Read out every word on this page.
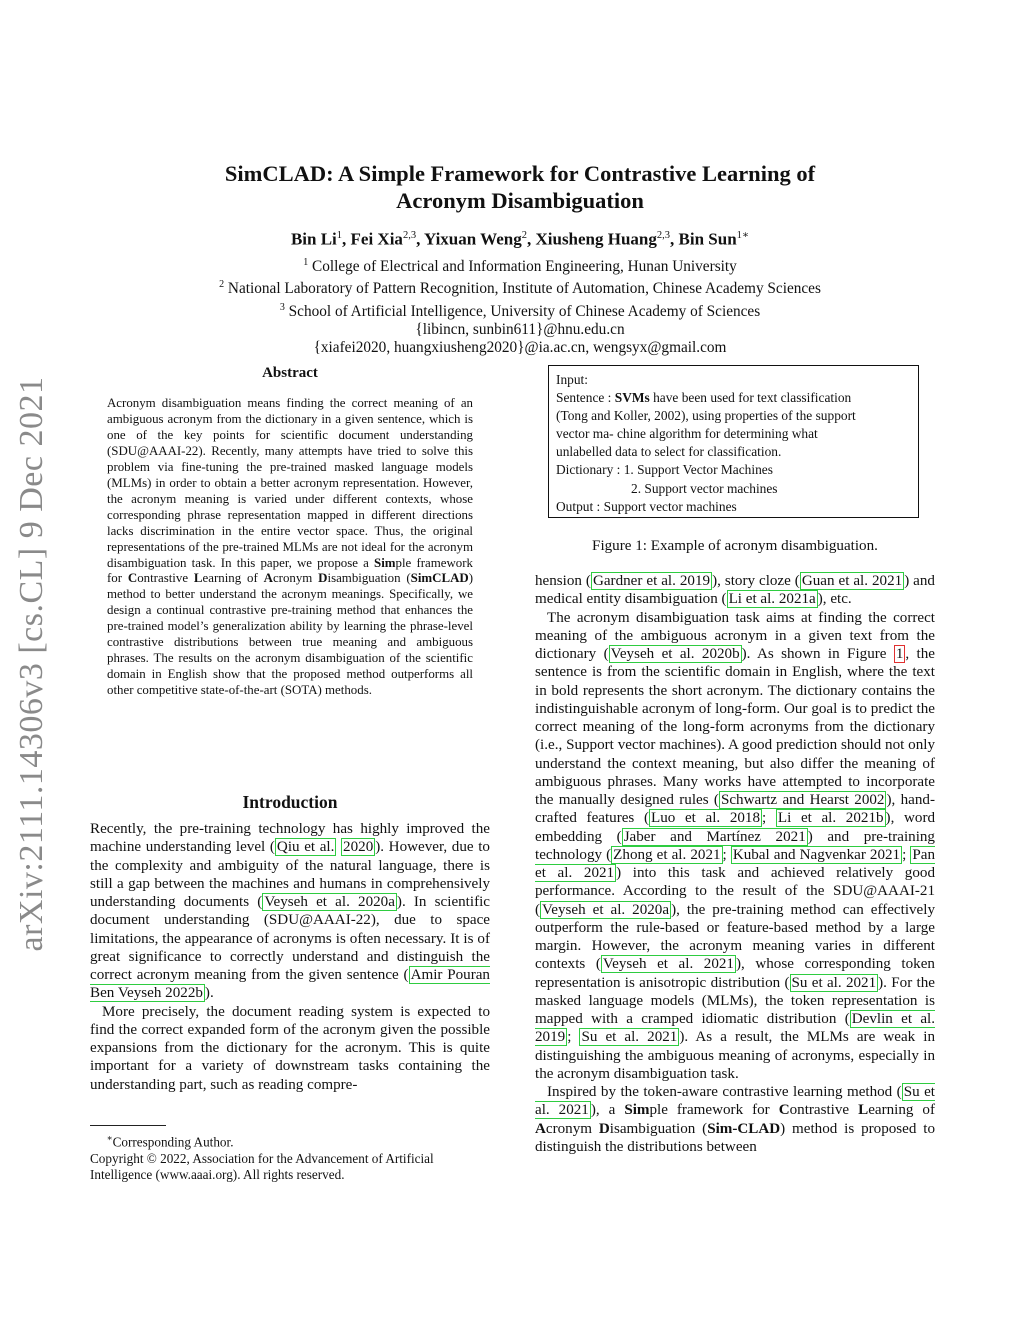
arXiv:2111.14306v3 [cs.CL] 9 Dec 2021
SimCLAD: A Simple Framework for Contrastive Learning of
Acronym Disambiguation
Bin Li$^1$, Fei Xia$^{2,3}$, Yixuan Weng$^2$, Xiusheng Huang$^{2,3}$, Bin Sun$^{1∗}$
$^1$ College of Electrical and Information Engineering, Hunan University
$^2$ National Laboratory of Pattern Recognition, Institute of Automation, Chinese Academy Sciences
$^3$ School of Artificial Intelligence, University of Chinese Academy of Sciences
{libincn, sunbin611}@hnu.edu.cn
{xiafei2020, huangxiusheng2020}@ia.ac.cn, wengsyx@gmail.com
Abstract
Acronym disambiguation means finding the correct meaning of an ambiguous acronym from the dictionary in a given sentence, which is one of the key points for scientific document understanding (SDU@AAAI-22). Recently, many attempts have tried to solve this problem via fine-tuning the pre-trained masked language models (MLMs) in order to obtain a better acronym representation. However, the acronym meaning is varied under different contexts, whose corresponding phrase representation mapped in different directions lacks discrimination in the entire vector space. Thus, the original representations of the pre-trained MLMs are not ideal for the acronym disambiguation task. In this paper, we propose a Simple framework for Contrastive Learning of Acronym Disambiguation (SimCLAD) method to better understand the acronym meanings. Specifically, we design a continual contrastive pre-training method that enhances the pre-trained model’s generalization ability by learning the phrase-level contrastive distributions between true meaning and ambiguous phrases. The results on the acronym disambiguation of the scientific domain in English show that the proposed method outperforms all other competitive state-of-the-art (SOTA) methods.
Introduction

Recently, the pre-training technology has highly improved the machine understanding level ( Qiu et al. 2020 ). However, due to the complexity and ambiguity of the natural language, there is still a gap between the machines and humans in comprehensively understanding documents ( Veyseh et al. 2020a ). In scientific document understanding (SDU@AAAI-22), due to space limitations, the appearance of acronyms is often necessary. It is of great significance to correctly understand and distinguish the correct acronym meaning from the given sentence ( Amir Pouran Ben Veyseh 2022b ).

More precisely, the document reading system is expected to find the correct expanded form of the acronym given the possible expansions from the dictionary for the acronym. This is quite important for a variety of downstream tasks containing the understanding part, such as reading compre-

∗Corresponding Author.
Copyright © 2022, Association for the Advancement of Artificial
Intelligence (www.aaai.org). All rights reserved.
Input:
Sentence : SVMs have been used for text classification
(Tong and Koller, 2002), using properties of the support
vector ma- chine algorithm for determining what
unlabelled data to select for classification.
Dictionary : 1. Support Vector Machines
2. Support vector machines
Output : Support vector machines
Figure 1: Example of acronym disambiguation.

hension ( Gardner et al. 2019 ), story cloze ( Guan et al. 2021 ) and medical entity disambiguation ( Li et al. 2021a ), etc.

The acronym disambiguation task aims at finding the correct meaning of the ambiguous acronym in a given text from the dictionary ( Veyseh et al. 2020b ). As shown in Figure 1 , the sentence is from the scientific domain in English, where the text in bold represents the short acronym. The dictionary contains the indistinguishable acronym of long-form. Our goal is to predict the correct meaning of the long-form acronyms from the dictionary (i.e., Support vector machines). A good prediction should not only understand the context meaning, but also differ the meaning of ambiguous phrases. Many works have attempted to incorporate the manually designed rules ( Schwartz and Hearst 2002 ), hand-crafted features ( Luo et al. 2018 ; Li et al. 2021b ), word embedding ( Jaber and Martínez 2021 ) and pre-training technology ( Zhong et al. 2021 ; Kubal and Nagvenkar 2021 ; Pan et al. 2021 ) into this task and achieved relatively good performance. According to the result of the SDU@AAAI-21 ( Veyseh et al. 2020a ), the pre-training method can effectively outperform the rule-based or feature-based method by a large margin. However, the acronym meaning varies in different contexts ( Veyseh et al. 2021 ), whose corresponding token representation is anisotropic distribution ( Su et al. 2021 ). For the masked language models (MLMs), the token representation is mapped with a cramped idiomatic distribution ( Devlin et al. 2019 ; Su et al. 2021 ). As a result, the MLMs are weak in distinguishing the ambiguous meaning of acronyms, especially in the acronym disambiguation task.

Inspired by the token-aware contrastive learning method ( Su et al. 2021 ), a Simple framework for Contrastive Learning of Acronym Disambiguation (Sim-CLAD) method is proposed to distinguish the distributions between
